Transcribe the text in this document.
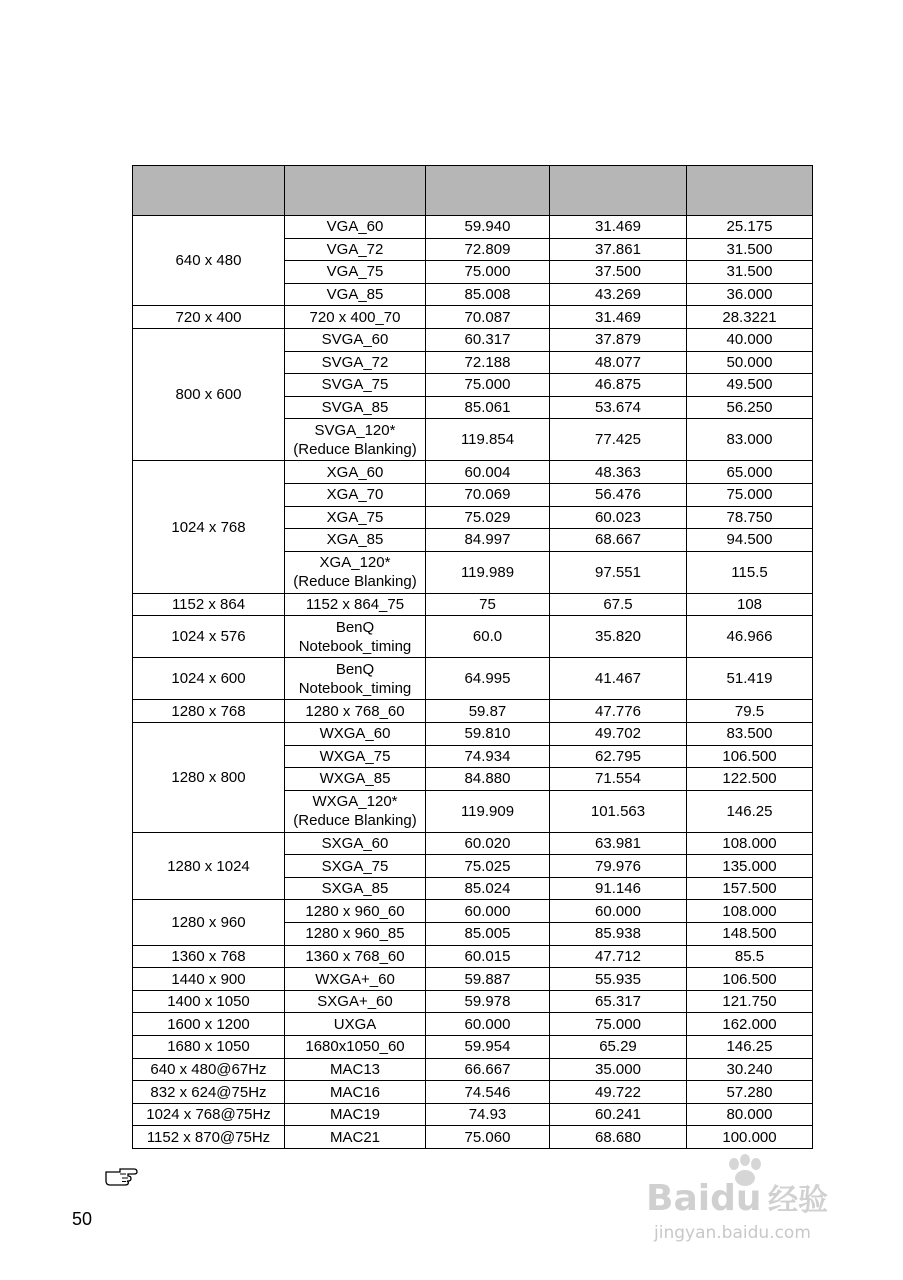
640 x 480	VGA_60	59.940	31.469	25.175
	VGA_72	72.809	37.861	31.500
	VGA_75	75.000	37.500	31.500
	VGA_85	85.008	43.269	36.000
720 x 400	720 x 400_70	70.087	31.469	28.3221
800 x 600	SVGA_60	60.317	37.879	40.000
	SVGA_72	72.188	48.077	50.000
	SVGA_75	75.000	46.875	49.500
	SVGA_85	85.061	53.674	56.250
	SVGA_120*
(Reduce Blanking)	119.854	77.425	83.000
1024 x 768	XGA_60	60.004	48.363	65.000
	XGA_70	70.069	56.476	75.000
	XGA_75	75.029	60.023	78.750
	XGA_85	84.997	68.667	94.500
	XGA_120*
(Reduce Blanking)	119.989	97.551	115.5
1152 x 864	1152 x 864_75	75	67.5	108
1024 x 576	BenQ
Notebook_timing	60.0	35.820	46.966
1024 x 600	BenQ
Notebook_timing	64.995	41.467	51.419
1280 x 768	1280 x 768_60	59.87	47.776	79.5
1280 x 800	WXGA_60	59.810	49.702	83.500
	WXGA_75	74.934	62.795	106.500
	WXGA_85	84.880	71.554	122.500
	WXGA_120*
(Reduce Blanking)	119.909	101.563	146.25
1280 x 1024	SXGA_60	60.020	63.981	108.000
	SXGA_75	75.025	79.976	135.000
	SXGA_85	85.024	91.146	157.500
1280 x 960	1280 x 960_60	60.000	60.000	108.000
	1280 x 960_85	85.005	85.938	148.500
1360 x 768	1360 x 768_60	60.015	47.712	85.5
1440 x 900	WXGA+_60	59.887	55.935	106.500
1400 x 1050	SXGA+_60	59.978	65.317	121.750
1600 x 1200	UXGA	60.000	75.000	162.000
1680 x 1050	1680x1050_60	59.954	65.29	146.25
640 x 480@67Hz	MAC13	66.667	35.000	30.240
832 x 624@75Hz	MAC16	74.546	49.722	57.280
1024 x 768@75Hz	MAC19	74.93	60.241	80.000
1152 x 870@75Hz	MAC21	75.060	68.680	100.000
50	Baidu 经验
jingyan.baidu.com
